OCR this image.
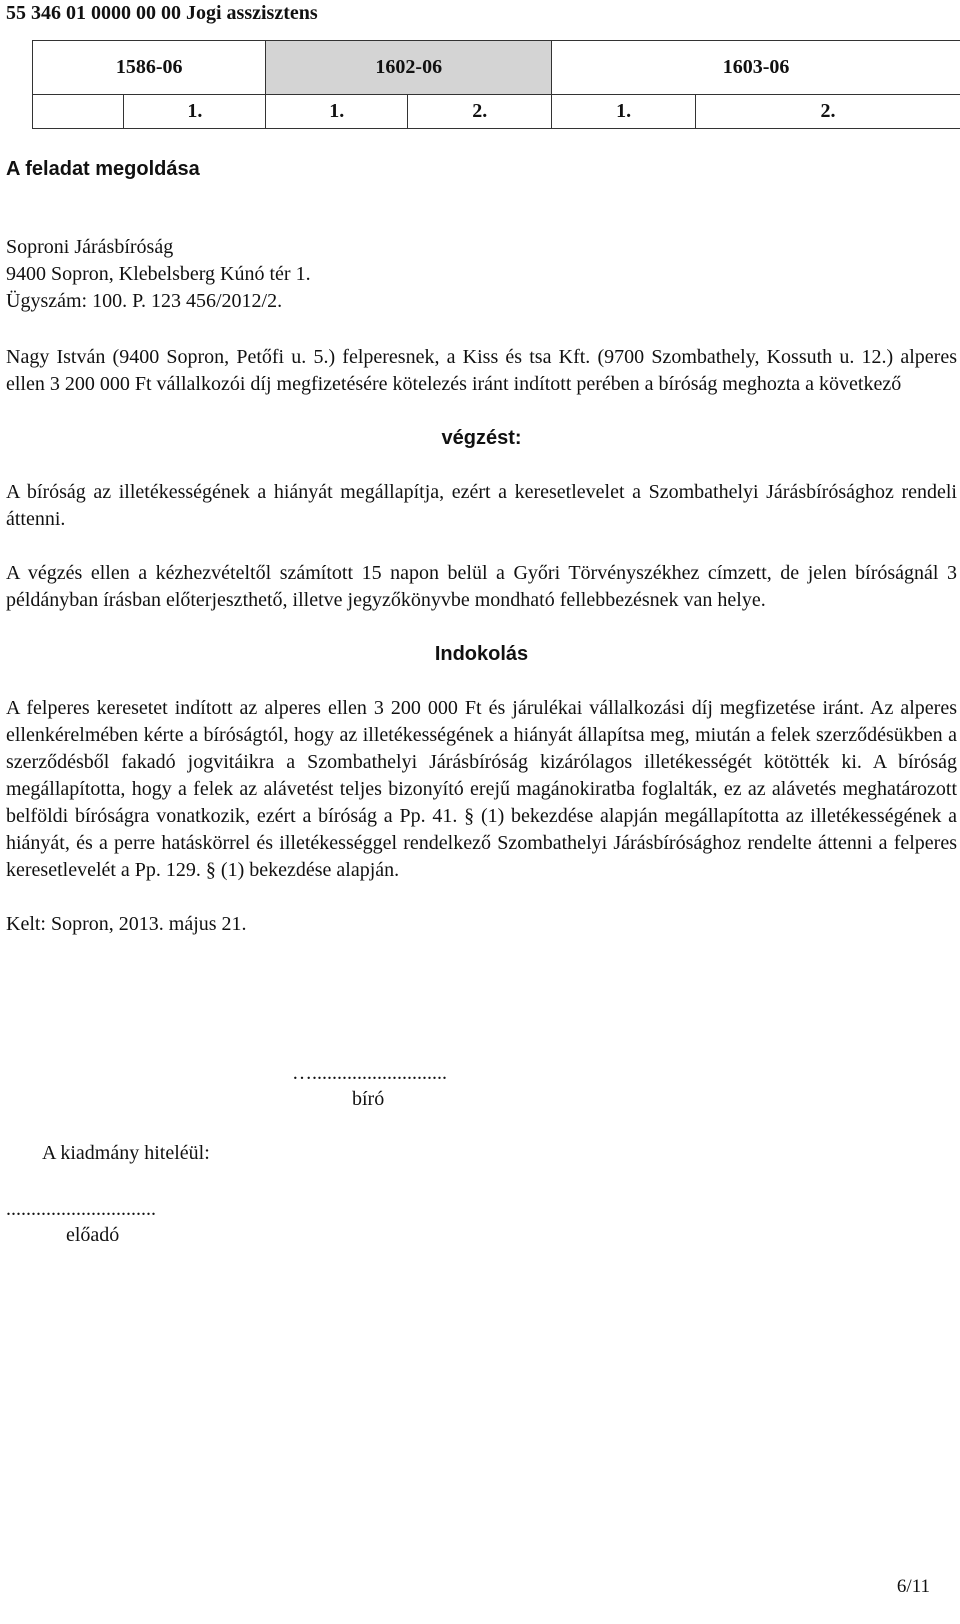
55 346 01 0000 00 00 Jogi asszisztens
1586-06		1602-06		1603-06	
	1.	1.	2.	1.	2.
A feladat megoldása
Soproni Járásbíróság
9400 Sopron, Klebelsberg Kúnó tér 1.
Ügyszám: 100. P. 123 456/2012/2.
Nagy István (9400 Sopron, Petőfi u. 5.) felperesnek, a Kiss és tsa Kft. (9700 Szombathely, Kossuth u. 12.) alperes ellen 3 200 000 Ft vállalkozói díj megfizetésére kötelezés iránt indított perében a bíróság meghozta a következő
végzést:
A bíróság az illetékességének a hiányát megállapítja, ezért a keresetlevelet a Szombathelyi Járásbírósághoz rendeli áttenni.
A végzés ellen a kézhezvételtől számított 15 napon belül a Győri Törvényszékhez címzett, de jelen bíróságnál 3 példányban írásban előterjeszthető, illetve jegyzőkönyvbe mondható fellebbezésnek van helye.
Indokolás
A felperes keresetet indított az alperes ellen 3 200 000 Ft és járulékai vállalkozási díj megfizetése iránt. Az alperes ellenkérelmében kérte a bíróságtól, hogy az illetékességének a hiányát állapítsa meg, miután a felek szerződésükben a szerződésből fakadó jogvitáikra a Szombathelyi Járásbíróság kizárólagos illetékességét kötötték ki. A bíróság megállapította, hogy a felek az alávetést teljes bizonyító erejű magánokiratba foglalták, ez az alávetés meghatározott belföldi bíróságra vonatkozik, ezért a bíróság a Pp. 41. § (1) bekezdése alapján megállapította az illetékességének a hiányát, és a perre hatáskörrel és illetékességgel rendelkező Szombathelyi Járásbírósághoz rendelte áttenni a felperes keresetlevelét a Pp. 129. § (1) bekezdése alapján.
Kelt: Sopron, 2013. május 21.
…...........................
bíró
A kiadmány hiteléül:
..............................
előadó
6/11
